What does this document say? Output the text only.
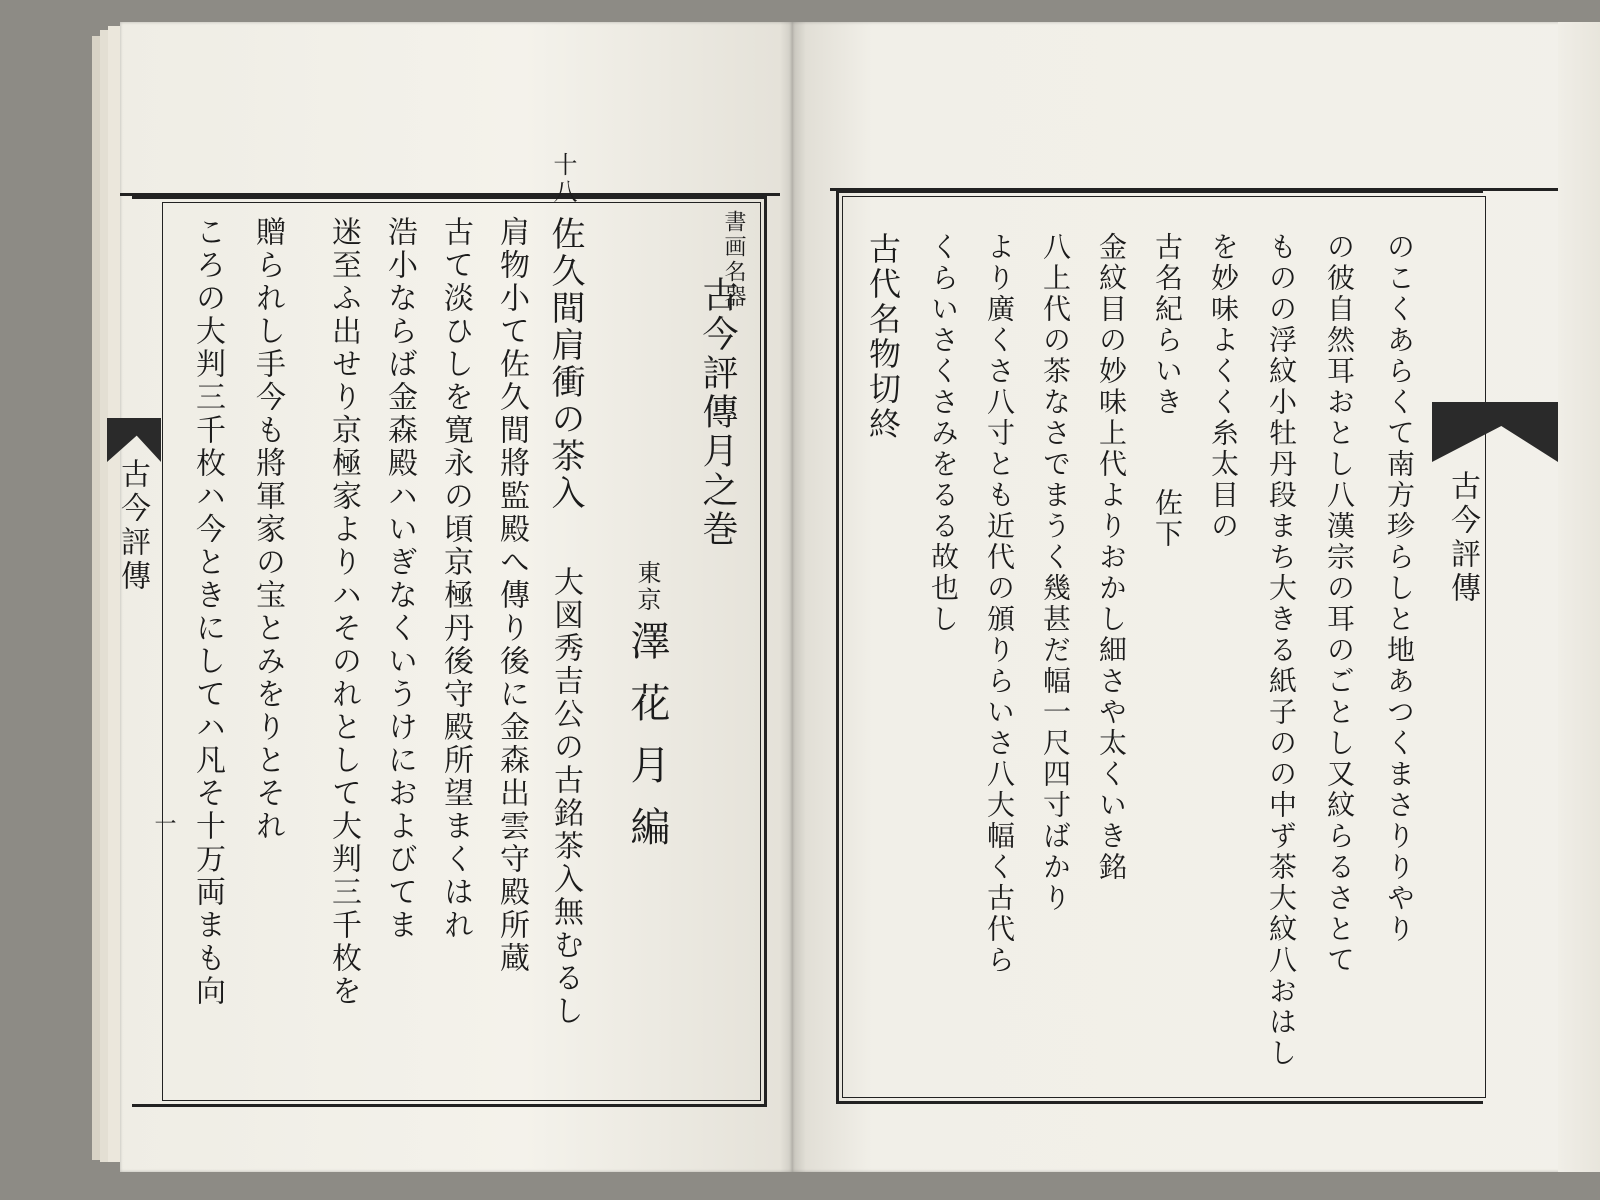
十八
古今評傳
一
書画名器
古今評傳月之巻
東京
澤花月編
佐久間肩衝の茶入
大図秀吉公の古銘茶入無むるし
肩物小て佐久間將監殿へ傳り後に金森出雲守殿所蔵
古て淡ひしを寛永の頃京極丹後守殿所望まくはれ
浩小ならば金森殿ハいぎなくいうけにおよびてま
迷至ふ出せり京極家よりハそのれとして大判三千枚を
贈られし手今も將軍家の宝とみをりとそれ
ころの大判三千枚ハ今ときにしてハ凡そ十万両まも向	古今評傳
のこくあらくて南方珍らしと地あつくまさりりやり
の彼自然耳おとし八漢宗の耳のごとし又紋らるさとて
ものの浮紋小牡丹段まち大きる紙子のの中ず茶大紋八おはし
を妙味よくく糸太目の
古名紀らいき
佐下
金紋目の妙味上代よりおかし細さや太くいき銘
八上代の茶なさでまうく幾甚だ幅一尺四寸ばかり
より廣くさ八寸とも近代の頒りらいさ八大幅く古代ら
くらいさくさみをるる故也し
古代名物切終
